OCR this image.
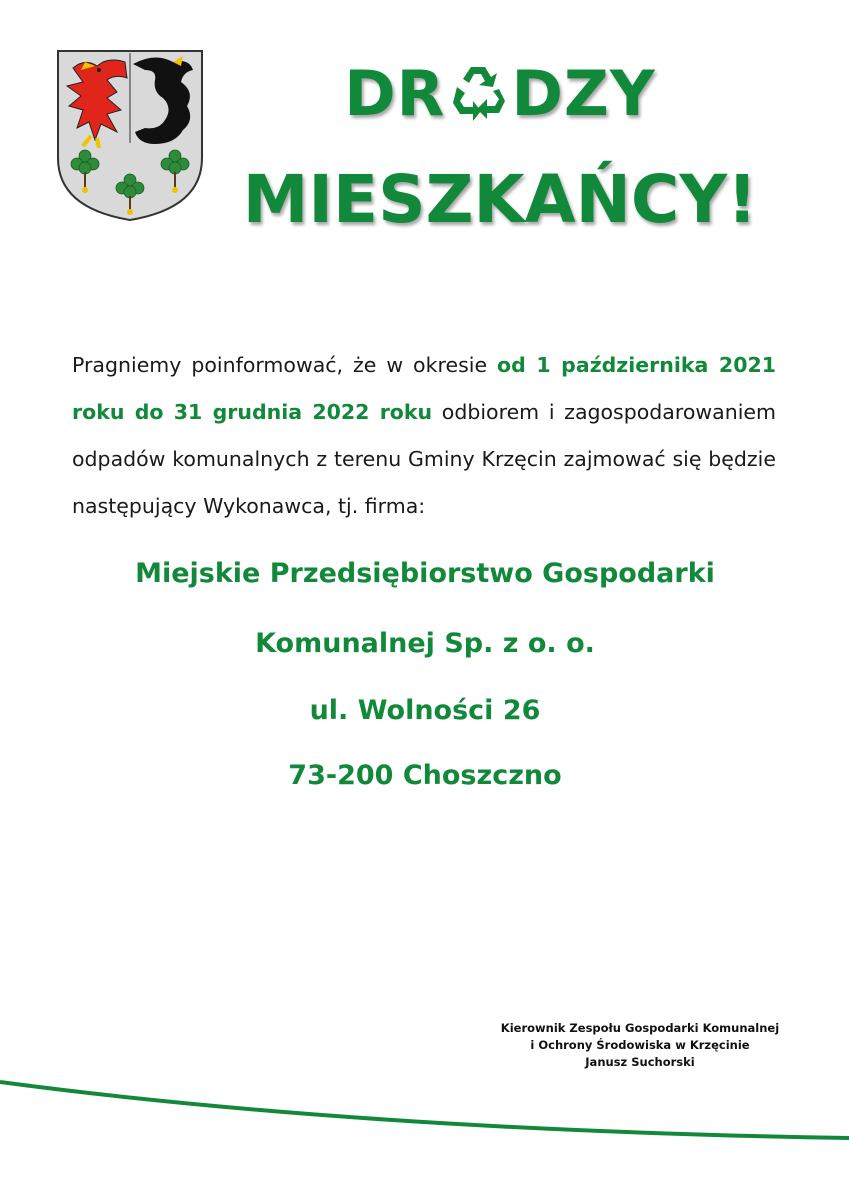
DR DZY
MIESZKAŃCY!
Pragniemy poinformować, że w okresie od 1 października 2021 roku do 31 grudnia 2022 roku odbiorem i zagospodarowaniem odpadów komunalnych z terenu Gminy Krzęcin zajmować się będzie następujący Wykonawca, tj. firma:
Miejskie Przedsiębiorstwo Gospodarki
Komunalnej Sp. z o. o.
ul. Wolności 26
73-200 Choszczno
Kierownik Zespołu Gospodarki Komunalnej
i Ochrony Środowiska w Krzęcinie
Janusz Suchorski
